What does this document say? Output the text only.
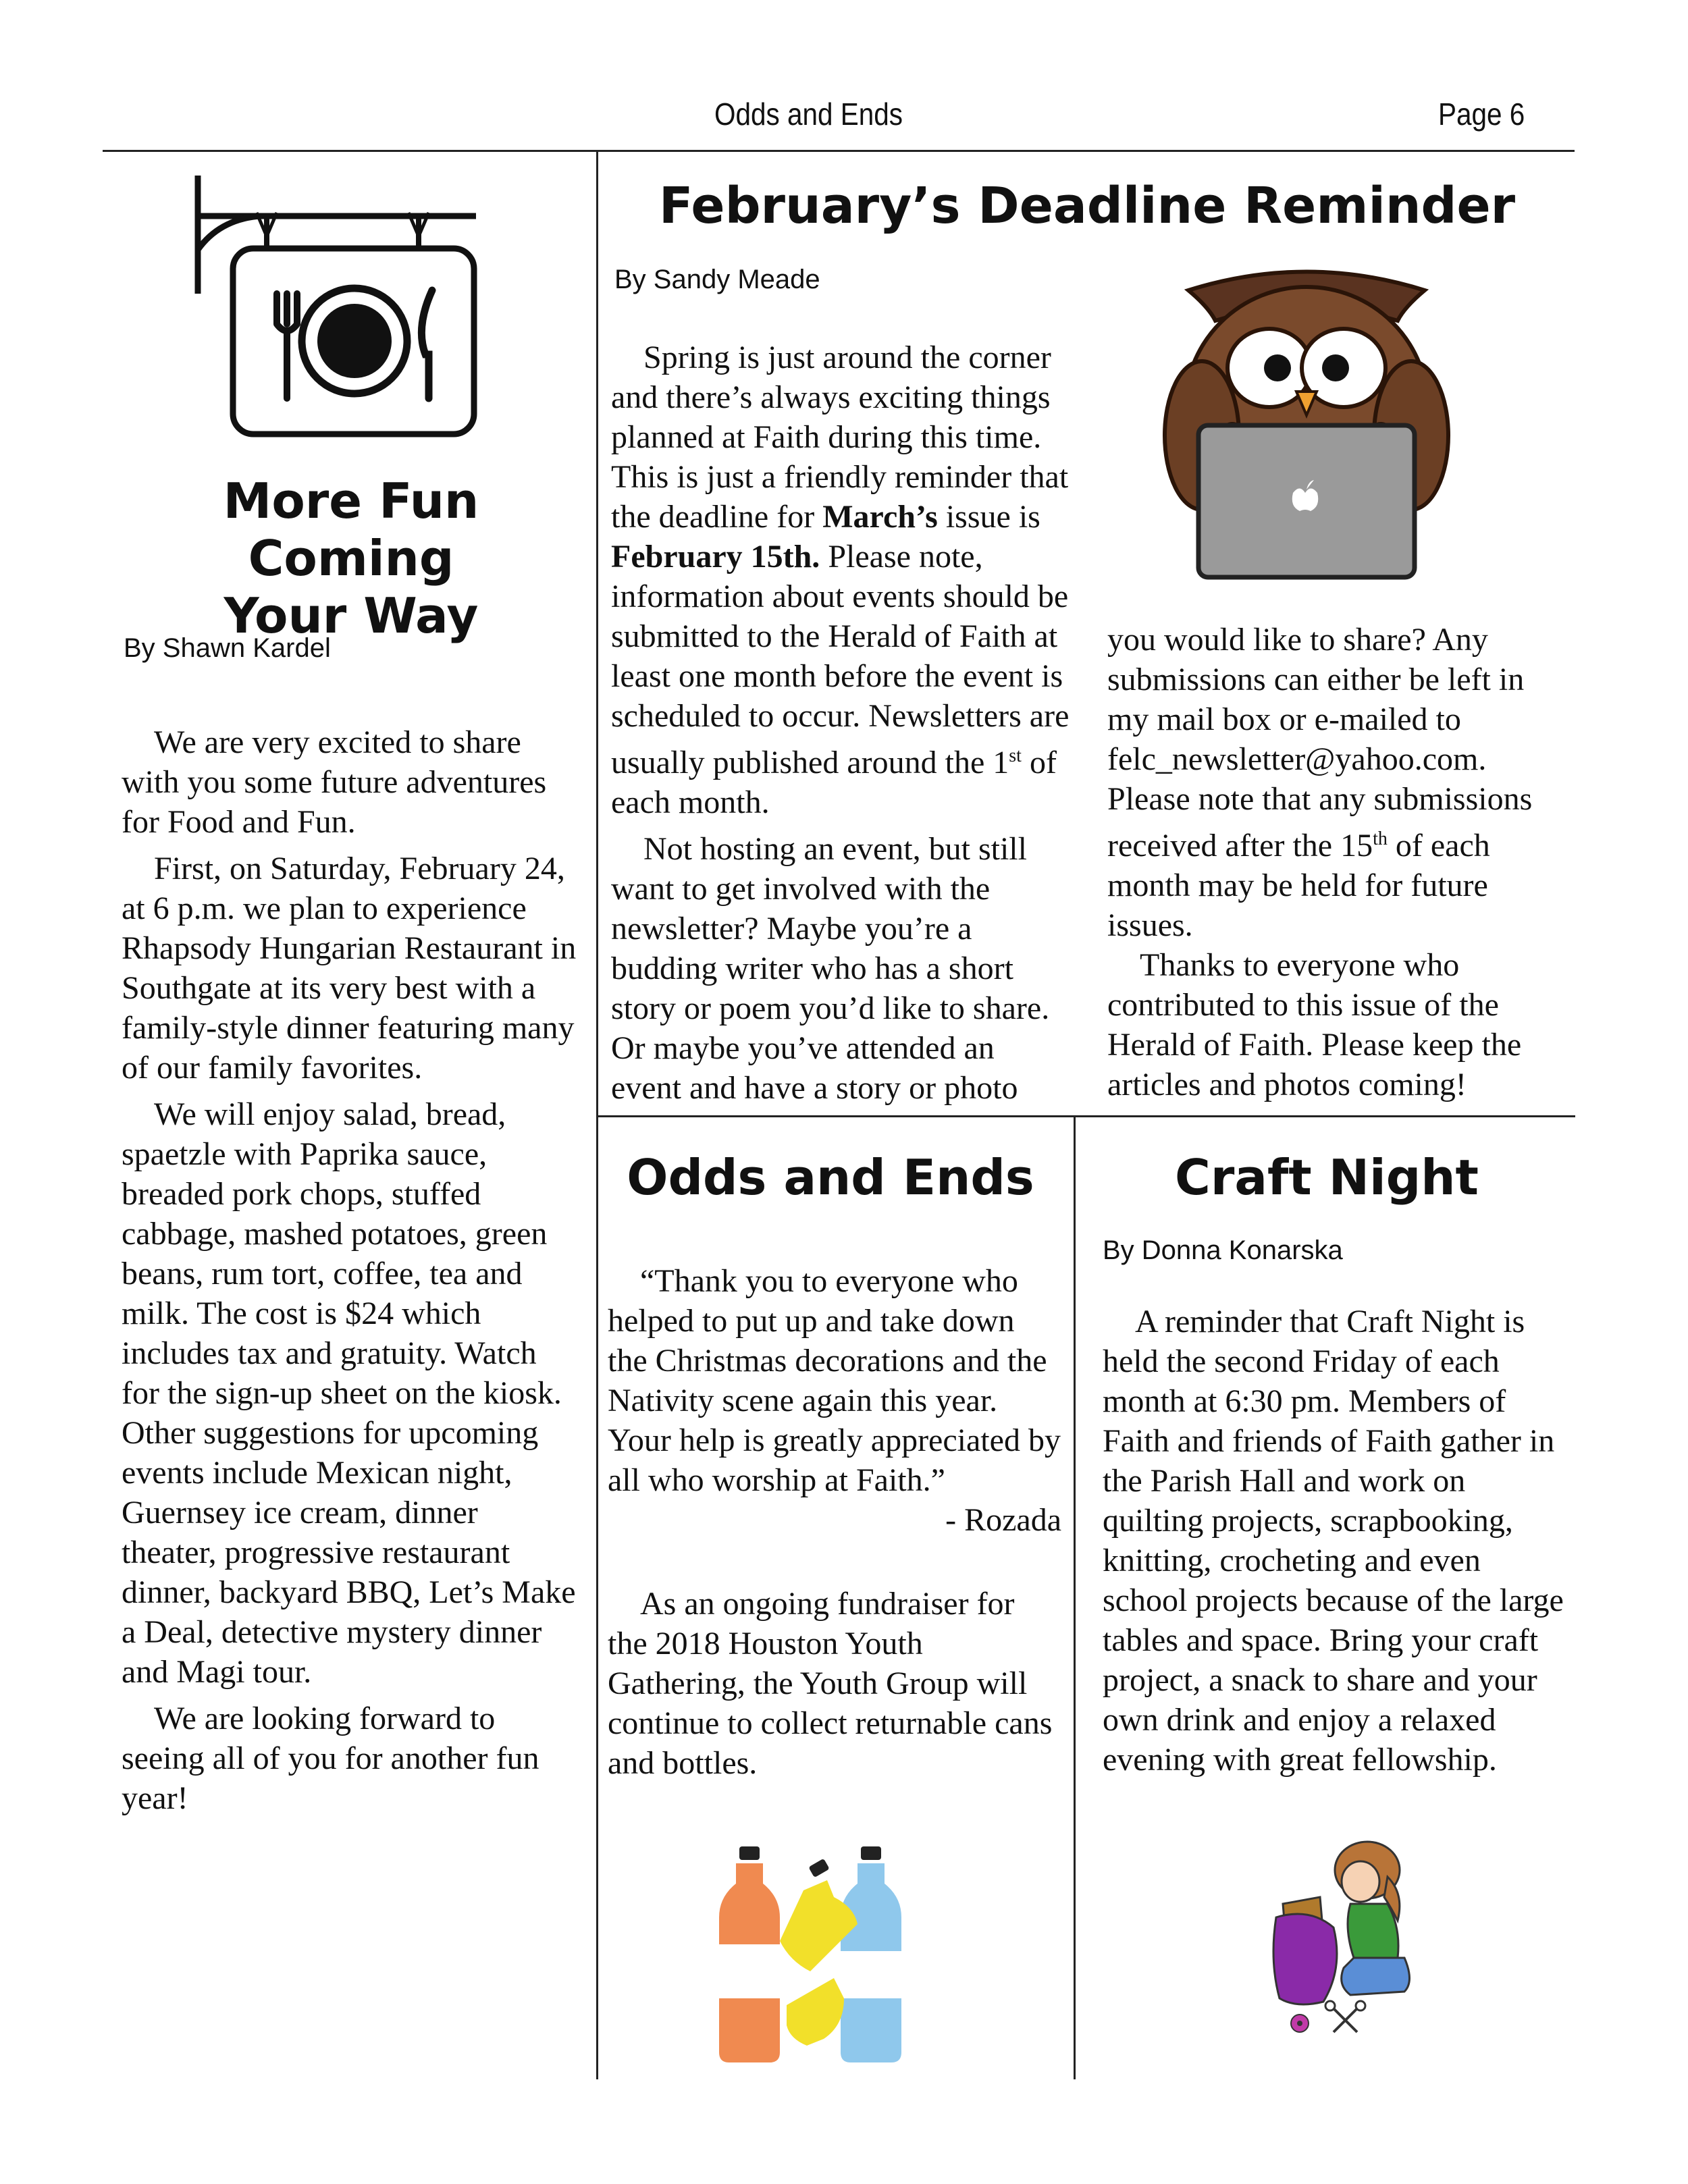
Odds and Ends	Page 6
More Fun Coming
Your Way
By Shawn Kardel

We are very excited to share with you some future adventures for Food and Fun.

First, on Saturday, February 24, at 6 p.m. we plan to experience Rhapsody Hungarian Restaurant in Southgate at its very best with a family-style dinner featuring many of our family favorites.

We will enjoy salad, bread, spaetzle with Paprika sauce, breaded pork chops, stuffed cabbage, mashed potatoes, green beans, rum tort, coffee, tea and milk. The cost is $24 which includes tax and gratuity. Watch for the sign-up sheet on the kiosk. Other suggestions for upcoming events include Mexican night, Guernsey ice cream, dinner theater, progressive restaurant dinner, backyard BBQ, Let’s Make a Deal, detective mystery dinner and Magi tour.

We are looking forward to seeing all of you for another fun year!

February’s Deadline Reminder
By Sandy Meade

Spring is just around the corner and there’s always exciting things planned at Faith during this time. This is just a friendly reminder that the deadline for March’s issue is February 15th. Please note, information about events should be submitted to the Herald of Faith at least one month before the event is scheduled to occur. Newsletters are usually published around the 1st of each month.

Not hosting an event, but still want to get involved with the newsletter? Maybe you’re a budding writer who has a short story or poem you’d like to share. Or maybe you’ve attended an event and have a story or photo

you would like to share? Any submissions can either be left in my mail box or e-mailed to felc_newsletter@yahoo.com. Please note that any submissions received after the 15th of each month may be held for future issues.

Thanks to everyone who contributed to this issue of the Herald of Faith. Please keep the articles and photos coming!

Odds and Ends

“Thank you to everyone who helped to put up and take down the Christmas decorations and the Nativity scene again this year. Your help is greatly appreciated by all who worship at Faith.”

- Rozada

As an ongoing fundraiser for the 2018 Houston Youth Gathering, the Youth Group will continue to collect returnable cans and bottles.

Craft Night
By Donna Konarska

A reminder that Craft Night is held the second Friday of each month at 6:30 pm. Members of Faith and friends of Faith gather in the Parish Hall and work on quilting projects, scrapbooking, knitting, crocheting and even school projects because of the large tables and space. Bring your craft project, a snack to share and your own drink and enjoy a relaxed evening with great fellowship.
